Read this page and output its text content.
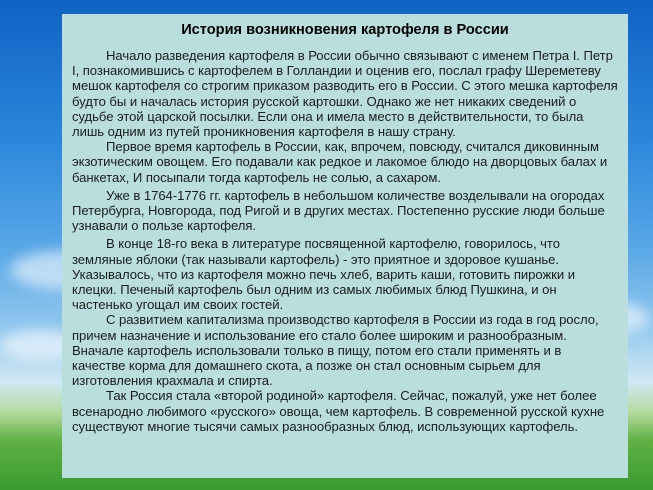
История возникновения картофеля в России

Начало разведения картофеля в России обычно связывают с именем Петра I. Петр I, познакомившись с картофелем в Голландии и оценив его, послал графу Шереметеву мешок картофеля со строгим приказом разводить его в России. С этого мешка картофеля будто бы и началась история русской картошки. Однако же нет никаких сведений о судьбе этой царской посылки. Если она и имела место в действительности, то была лишь одним из путей проникновения картофеля в нашу страну.

Первое время картофель в России, как, впрочем, повсюду, считался диковинным экзотическим овощем. Его подавали как редкое и лакомое блюдо на дворцовых балах и банкетах, И посыпали тогда картофель не солью, а сахаром.

Уже в 1764-1776 гг. картофель в небольшом количестве возделывали на огородах Петербурга, Новгорода, под Ригой и в других местах. Постепенно русские люди больше узнавали о пользе картофеля.

В конце 18-го века в литературе посвященной картофелю, говорилось, что земляные яблоки (так называли картофель) - это приятное и здоровое кушанье. Указывалось, что из картофеля можно печь хлеб, варить каши, готовить пирожки и клецки. Печеный картофель был одним из самых любимых блюд Пушкина, и он частенько угощал им своих гостей.

С развитием капитализма производство картофеля в России из года в год росло, причем назначение и использование его стало более широким и разнообразным. Вначале картофель использовали только в пищу, потом его стали применять и в качестве корма для домашнего скота, а позже он стал основным сырьем для изготовления крахмала и спирта.

Так Россия стала «второй родиной» картофеля. Сейчас, пожалуй, уже нет более всенародно любимого «русского» овоща, чем картофель. В современной русской кухне существуют многие тысячи самых разнообразных блюд, использующих картофель.
